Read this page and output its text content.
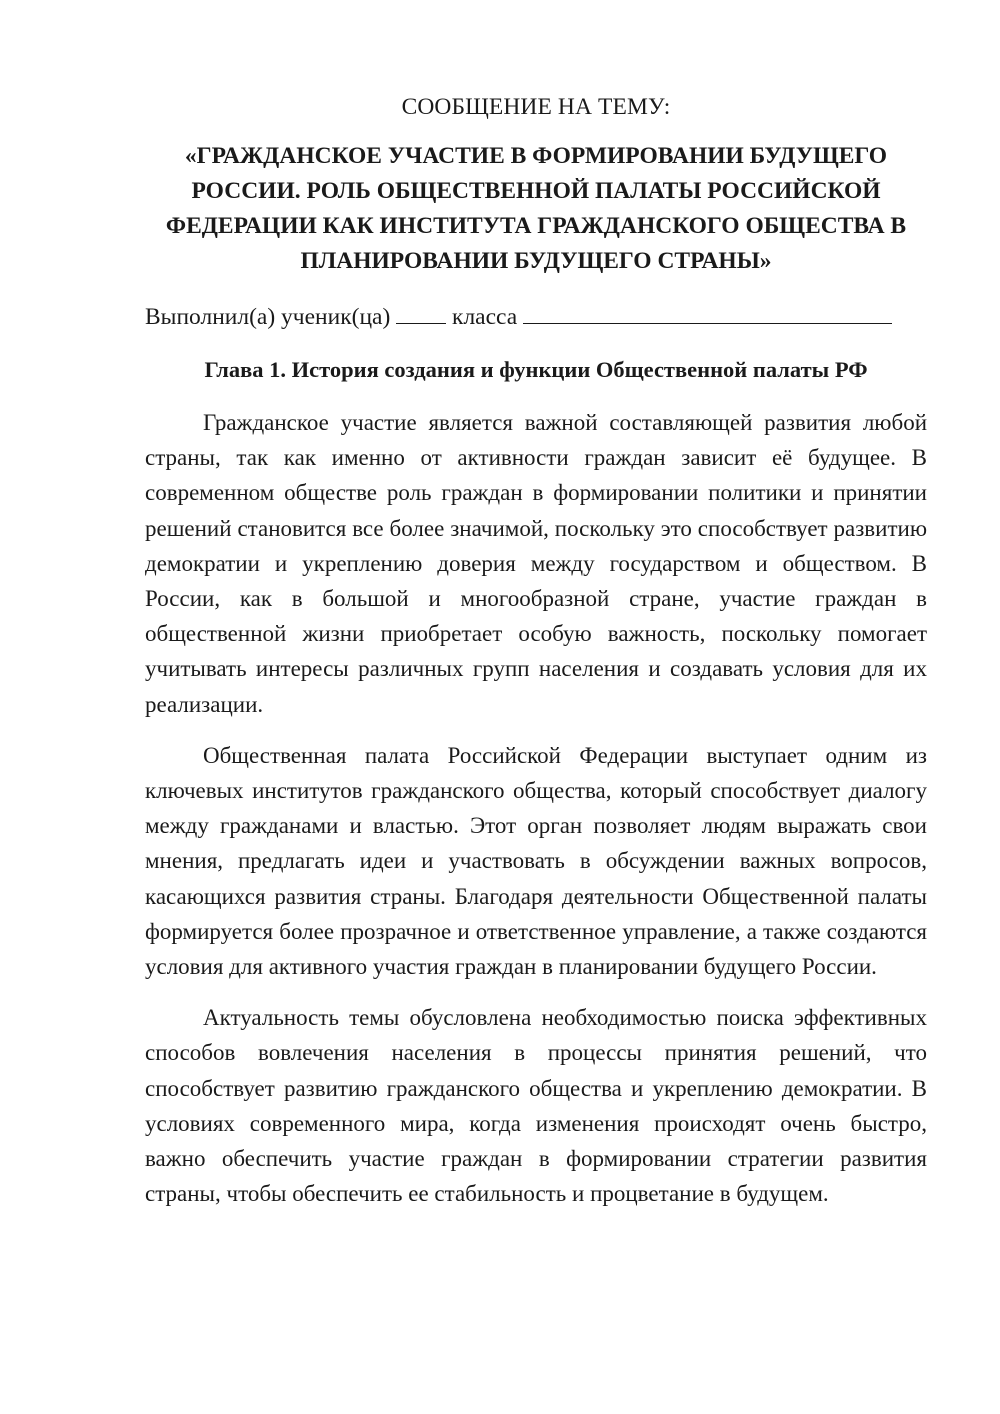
СООБЩЕНИЕ НА ТЕМУ:

«ГРАЖДАНСКОЕ УЧАСТИЕ В ФОРМИРОВАНИИ БУДУЩЕГО РОССИИ. РОЛЬ ОБЩЕСТВЕННОЙ ПАЛАТЫ РОССИЙСКОЙ ФЕДЕРАЦИИ КАК ИНСТИТУТА ГРАЖДАНСКОГО ОБЩЕСТВА В ПЛАНИРОВАНИИ БУДУЩЕГО СТРАНЫ»

Выполнил(а) ученик(ца)	класса

Глава 1. История создания и функции Общественной палаты РФ

Гражданское участие является важной составляющей развития любой страны, так как именно от активности граждан зависит её будущее. В современном обществе роль граждан в формировании политики и принятии решений становится все более значимой, поскольку это способствует развитию демократии и укреплению доверия между государством и обществом. В России, как в большой и многообразной стране, участие граждан в общественной жизни приобретает особую важность, поскольку помогает учитывать интересы различных групп населения и создавать условия для их реализации.

Общественная палата Российской Федерации выступает одним из ключевых институтов гражданского общества, который способствует диалогу между гражданами и властью. Этот орган позволяет людям выражать свои мнения, предлагать идеи и участвовать в обсуждении важных вопросов, касающихся развития страны. Благодаря деятельности Общественной палаты формируется более прозрачное и ответственное управление, а также создаются условия для активного участия граждан в планировании будущего России.

Актуальность темы обусловлена необходимостью поиска эффективных способов вовлечения населения в процессы принятия решений, что способствует развитию гражданского общества и укреплению демократии. В условиях современного мира, когда изменения происходят очень быстро, важно обеспечить участие граждан в формировании стратегии развития страны, чтобы обеспечить ее стабильность и процветание в будущем.
